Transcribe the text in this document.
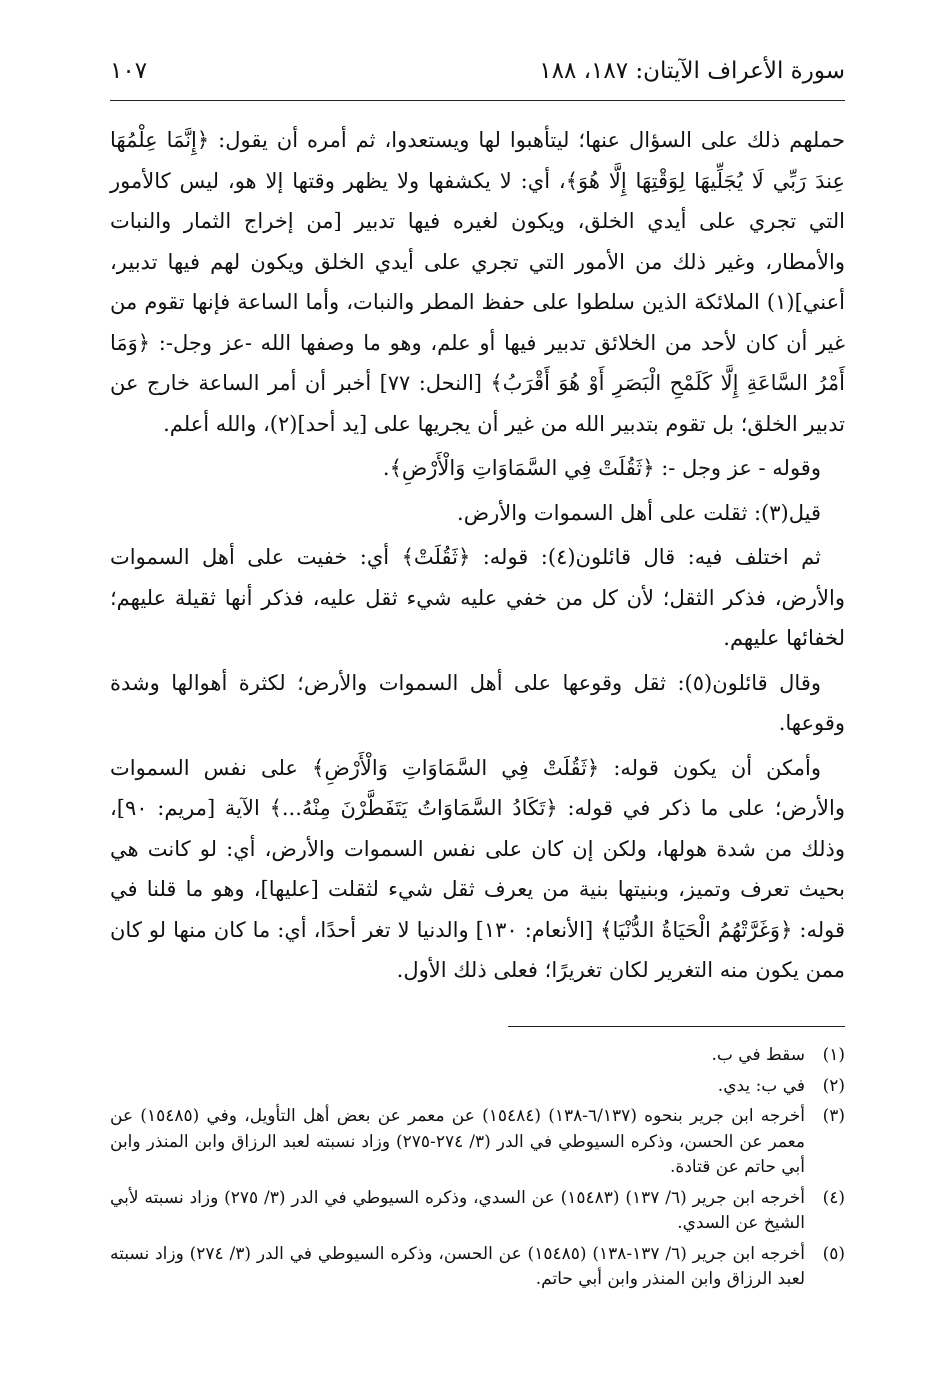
سورة الأعراف الآيتان: ١٨٧، ١٨٨
١٠٧

حملهم ذلك على السؤال عنها؛ ليتأهبوا لها ويستعدوا، ثم أمره أن يقول: ﴿إِنَّمَا عِلْمُهَا عِندَ رَبِّي لَا يُجَلِّيهَا لِوَقْتِهَا إِلَّا هُوَ﴾، أي: لا يكشفها ولا يظهر وقتها إلا هو، ليس كالأمور التي تجري على أيدي الخلق، ويكون لغيره فيها تدبير [من إخراج الثمار والنبات والأمطار، وغير ذلك من الأمور التي تجري على أيدي الخلق ويكون لهم فيها تدبير، أعني](١) الملائكة الذين سلطوا على حفظ المطر والنبات، وأما الساعة فإنها تقوم من غير أن كان لأحد من الخلائق تدبير فيها أو علم، وهو ما وصفها الله -عز وجل-: ﴿وَمَا أَمْرُ السَّاعَةِ إِلَّا كَلَمْحِ الْبَصَرِ أَوْ هُوَ أَقْرَبُ﴾ [النحل: ٧٧] أخبر أن أمر الساعة خارج عن تدبير الخلق؛ بل تقوم بتدبير الله من غير أن يجريها على [يد أحد](٢)، والله أعلم.

وقوله - عز وجل -: ﴿ثَقُلَتْ فِي السَّمَاوَاتِ وَالْأَرْضِ﴾.

قيل(٣): ثقلت على أهل السموات والأرض.

ثم اختلف فيه: قال قائلون(٤): قوله: ﴿ثَقُلَتْ﴾ أي: خفيت على أهل السموات والأرض، فذكر الثقل؛ لأن كل من خفي عليه شيء ثقل عليه، فذكر أنها ثقيلة عليهم؛ لخفائها عليهم.

وقال قائلون(٥): ثقل وقوعها على أهل السموات والأرض؛ لكثرة أهوالها وشدة وقوعها.

وأمكن أن يكون قوله: ﴿ثَقُلَتْ فِي السَّمَاوَاتِ وَالْأَرْضِ﴾ على نفس السموات والأرض؛ على ما ذكر في قوله: ﴿تَكَادُ السَّمَاوَاتُ يَتَفَطَّرْنَ مِنْهُ...﴾ الآية [مريم: ٩٠]، وذلك من شدة هولها، ولكن إن كان على نفس السموات والأرض، أي: لو كانت هي بحيث تعرف وتميز، وبنيتها بنية من يعرف ثقل شيء لثقلت [عليها]، وهو ما قلنا في قوله: ﴿وَغَرَّتْهُمُ الْحَيَاةُ الدُّنْيَا﴾ [الأنعام: ١٣٠] والدنيا لا تغر أحدًا، أي: ما كان منها لو كان ممن يكون منه التغرير لكان تغريرًا؛ فعلى ذلك الأول.

(١)
سقط في ب.
(٢)
في ب: يدي.
(٣)
أخرجه ابن جرير بنحوه (٦/١٣٧-١٣٨) (١٥٤٨٤) عن معمر عن بعض أهل التأويل، وفي (١٥٤٨٥) عن معمر عن الحسن، وذكره السيوطي في الدر (٣/ ٢٧٤-٢٧٥) وزاد نسبته لعبد الرزاق وابن المنذر وابن أبي حاتم عن قتادة.
(٤)
أخرجه ابن جرير (٦/ ١٣٧) (١٥٤٨٣) عن السدي، وذكره السيوطي في الدر (٣/ ٢٧٥) وزاد نسبته لأبي الشيخ عن السدي.
(٥)
أخرجه ابن جرير (٦/ ١٣٧-١٣٨) (١٥٤٨٥) عن الحسن، وذكره السيوطي في الدر (٣/ ٢٧٤) وزاد نسبته لعبد الرزاق وابن المنذر وابن أبي حاتم.
